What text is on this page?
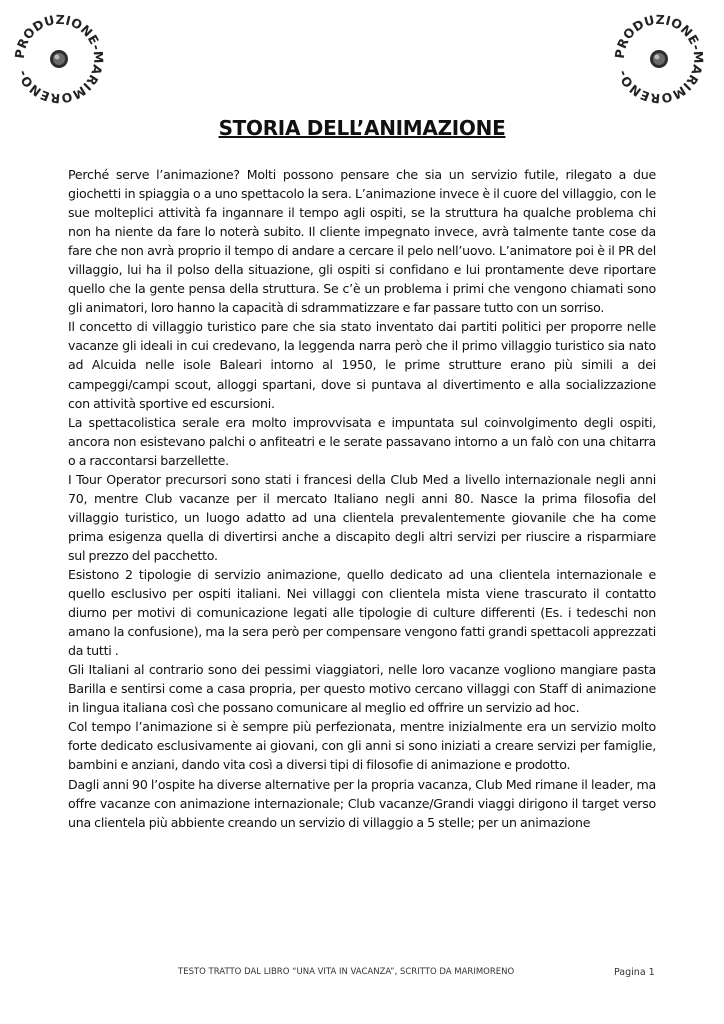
PRODUZIONE-MARIMORENO-
PRODUZIONE-MARIMORENO-
STORIA DELL’ANIMAZIONE

Perché serve l’animazione? Molti possono pensare che sia un servizio futile, rilegato a due giochetti in spiaggia o a uno spettacolo la sera. L’animazione invece è il cuore del villaggio, con le sue molteplici attività fa ingannare il tempo agli ospiti, se la struttura ha qualche problema chi non ha niente da fare lo noterà subito. Il cliente impegnato invece, avrà talmente tante cose da fare che non avrà proprio il tempo di andare a cercare il pelo nell’uovo. L’animatore poi è il PR del villaggio, lui ha il polso della situazione, gli ospiti si confidano e lui prontamente deve riportare quello che la gente pensa della struttura. Se c’è un problema i primi che vengono chiamati sono gli animatori, loro hanno la capacità di sdrammatizzare e far passare tutto con un sorriso.

Il concetto di villaggio turistico pare che sia stato inventato dai partiti politici per proporre nelle vacanze gli ideali in cui credevano, la leggenda narra però che il primo villaggio turistico sia nato ad Alcuida nelle isole Baleari intorno al 1950, le prime strutture erano più simili a dei campeggi/campi scout, alloggi spartani, dove si puntava al divertimento e alla socializzazione con attività sportive ed escursioni.

La spettacolistica serale era molto improvvisata e impuntata sul coinvolgimento degli ospiti, ancora non esistevano palchi o anfiteatri e le serate passavano intorno a un falò con una chitarra o a raccontarsi barzellette.

I Tour Operator precursori sono stati i francesi della Club Med a livello internazionale negli anni 70, mentre Club vacanze per il mercato Italiano negli anni 80. Nasce la prima filosofia del villaggio turistico, un luogo adatto ad una clientela prevalentemente giovanile che ha come prima esigenza quella di divertirsi anche a discapito degli altri servizi per riuscire a risparmiare sul prezzo del pacchetto.

Esistono 2 tipologie di servizio animazione, quello dedicato ad una clientela internazionale e quello esclusivo per ospiti italiani. Nei villaggi con clientela mista viene trascurato il contatto diurno per motivi di comunicazione legati alle tipologie di culture differenti (Es. i tedeschi non amano la confusione), ma la sera però per compensare vengono fatti grandi spettacoli apprezzati da tutti .

Gli Italiani al contrario sono dei pessimi viaggiatori, nelle loro vacanze vogliono mangiare pasta Barilla e sentirsi come a casa propria, per questo motivo cercano villaggi con Staff di animazione in lingua italiana così che possano comunicare al meglio ed offrire un servizio ad hoc.

Col tempo l’animazione si è sempre più perfezionata, mentre inizialmente era un servizio molto forte dedicato esclusivamente ai giovani, con gli anni si sono iniziati a creare servizi per famiglie, bambini e anziani, dando vita così a diversi tipi di filosofie di animazione e prodotto.

Dagli anni 90 l’ospite ha diverse alternative per la propria vacanza, Club Med rimane il leader, ma offre vacanze con animazione internazionale; Club vacanze/Grandi viaggi dirigono il target verso una clientela più abbiente creando un servizio di villaggio a 5 stelle; per un animazione

TESTO TRATTO DAL LIBRO “UNA VITA IN VACANZA”, SCRITTO DA MARIMORENO	Pagina 1
